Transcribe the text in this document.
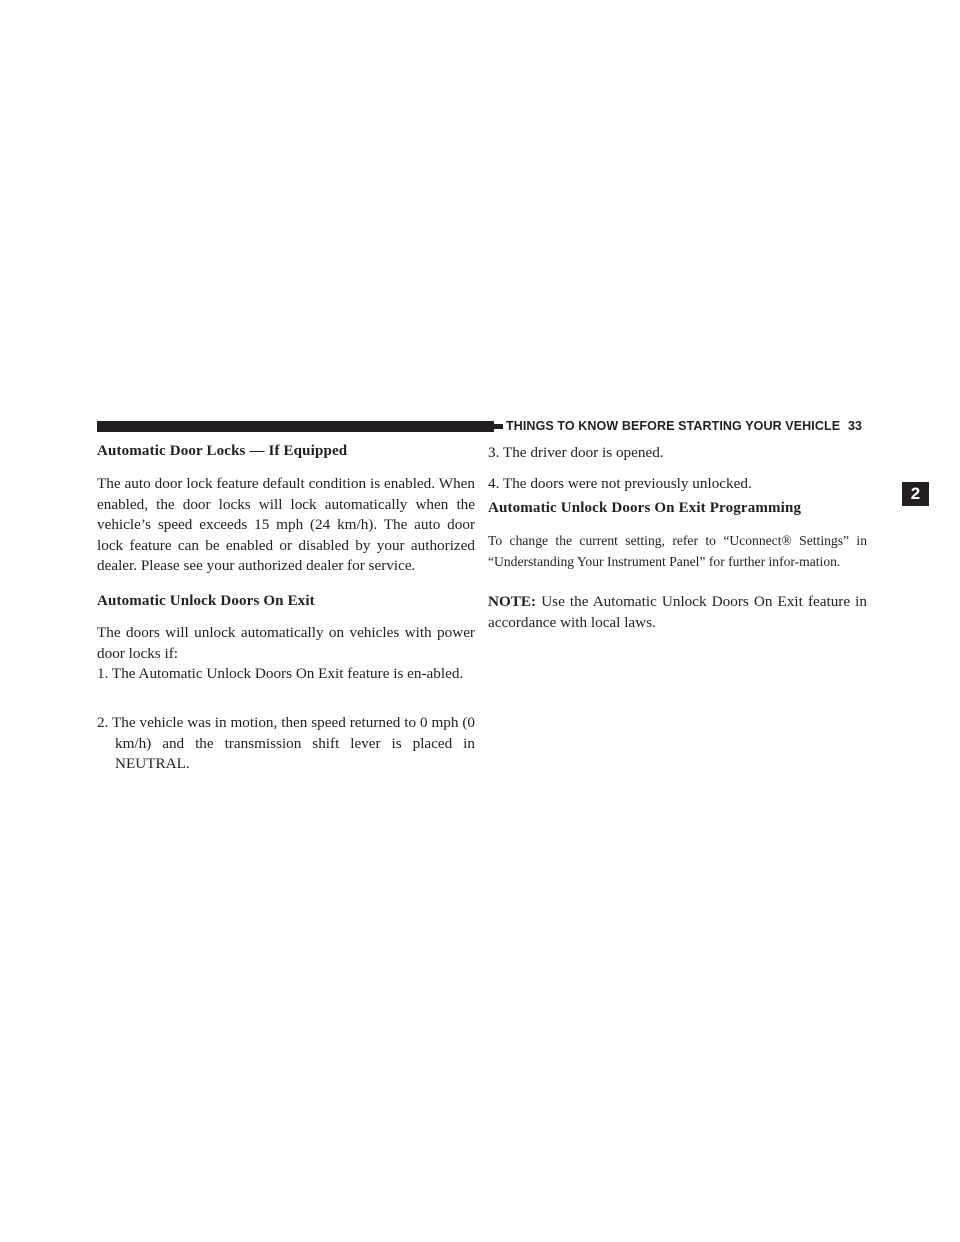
THINGS TO KNOW BEFORE STARTING YOUR VEHICLE 33
2
Automatic Door Locks — If Equipped
The auto door lock feature default condition is enabled. When enabled, the door locks will lock automatically when the vehicle’s speed exceeds 15 mph (24 km/h). The auto door lock feature can be enabled or disabled by your authorized dealer. Please see your authorized dealer for service.
Automatic Unlock Doors On Exit
The doors will unlock automatically on vehicles with power door locks if:
1. The Automatic Unlock Doors On Exit feature is en-abled.
2. The vehicle was in motion, then speed returned to 0 mph (0 km/h) and the transmission shift lever is placed in NEUTRAL.
3. The driver door is opened.
4. The doors were not previously unlocked.
Automatic Unlock Doors On Exit Programming
To change the current setting, refer to “Uconnect® Settings” in “Understanding Your Instrument Panel” for further infor-mation.
NOTE: Use the Automatic Unlock Doors On Exit feature in accordance with local laws.
